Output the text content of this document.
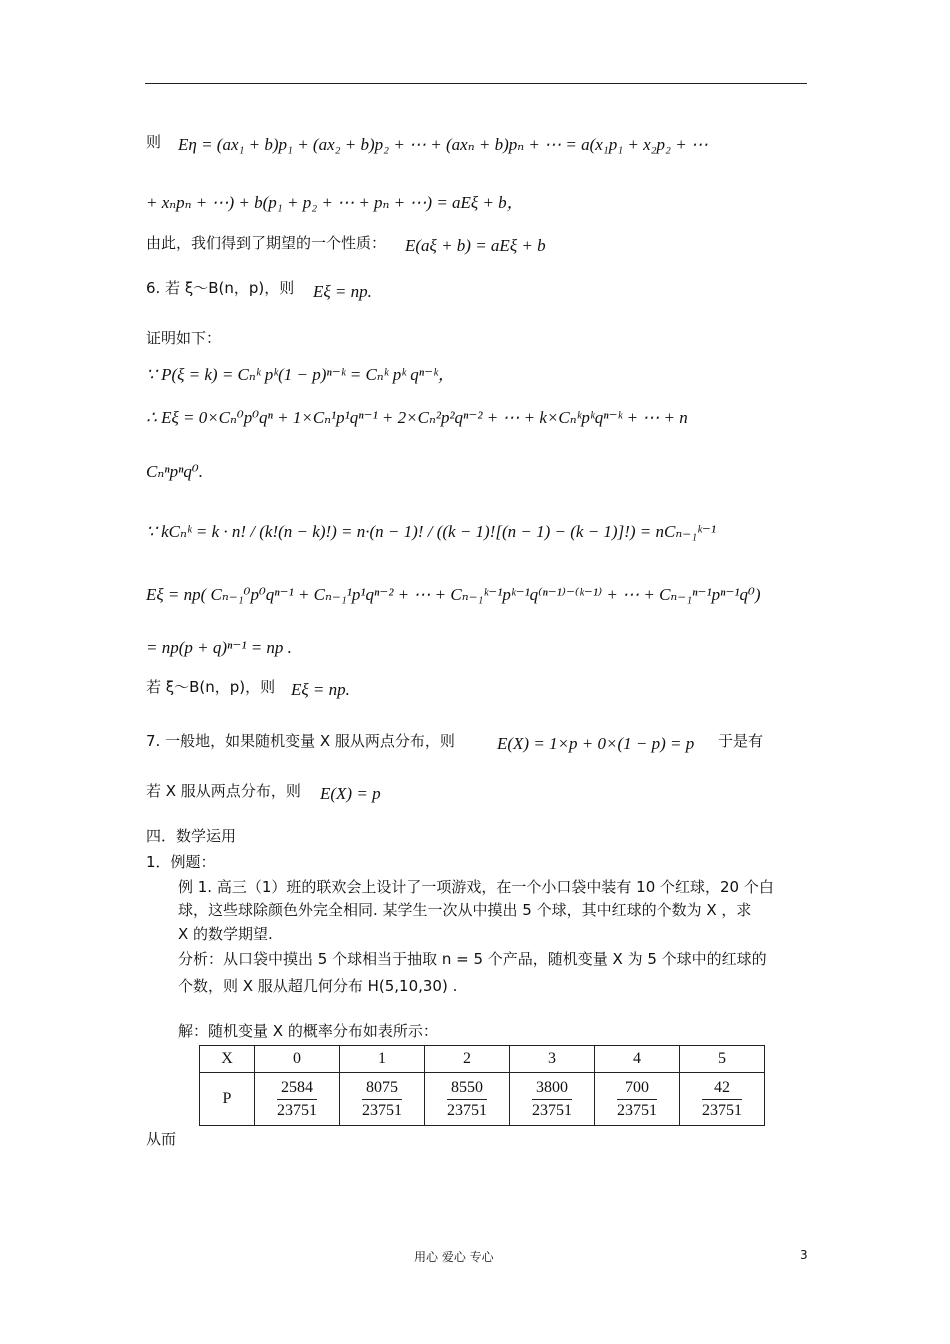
则 Eη = (ax₁ + b)p₁ + (ax₂ + b)p₂ + ⋯ + (axₙ + b)pₙ + ⋯ = a(x₁p₁ + x₂p₂ + ⋯
+ xₙpₙ + ⋯) + b(p₁ + p₂ + ⋯ + pₙ + ⋯) = aEξ + b，
由此，我们得到了期望的一个性质： E(aξ + b) = aEξ + b
6. 若 ξ～B(n，p)，则 Eξ = np.
证明如下：
∵ P(ξ = k) = Cₙᵏ pᵏ(1 − p)ⁿ⁻ᵏ = Cₙᵏ pᵏ qⁿ⁻ᵏ，
∴ Eξ = 0×Cₙ⁰p⁰qⁿ + 1×Cₙ¹p¹qⁿ⁻¹ + 2×Cₙ²p²qⁿ⁻² + ⋯ + k×Cₙᵏpᵏqⁿ⁻ᵏ + ⋯ + n
Cₙⁿpⁿq⁰.
∵ kCₙᵏ = k · n! / (k!(n − k)!) = n·(n − 1)! / ((k − 1)![(n − 1) − (k − 1)]!) = nCₙ₋₁ᵏ⁻¹
Eξ = np( Cₙ₋₁⁰p⁰qⁿ⁻¹ + Cₙ₋₁¹p¹qⁿ⁻² + ⋯ + Cₙ₋₁ᵏ⁻¹pᵏ⁻¹q⁽ⁿ⁻¹⁾⁻⁽ᵏ⁻¹⁾ + ⋯ + Cₙ₋₁ⁿ⁻¹pⁿ⁻¹q⁰)
= np(p + q)ⁿ⁻¹ = np .
若 ξ～B(n，p)，则 Eξ = np.
7. 一般地，如果随机变量 X 服从两点分布，则 E(X) = 1×p + 0×(1 − p) = p 于是有
若 X 服从两点分布，则 E(X) = p
四．数学运用
1．例题：
例 1. 高三（1）班的联欢会上设计了一项游戏，在一个小口袋中装有 10 个红球，20 个白
球，这些球除颜色外完全相同. 某学生一次从中摸出 5 个球，其中红球的个数为 X ，求
X 的数学期望.
分析：从口袋中摸出 5 个球相当于抽取 n = 5 个产品，随机变量 X 为 5 个球中的红球的
个数，则 X 服从超几何分布 H(5,10,30) .
解：随机变量 X 的概率分布如表所示：
X	0	1	2	3	4	5
P	$\frac{2584}{23751}$	$\frac{8075}{23751}$	$\frac{8550}{23751}$	$\frac{3800}{23751}$	$\frac{700}{23751}$	$\frac{42}{23751}$
从而
用心 爱心 专心	3
